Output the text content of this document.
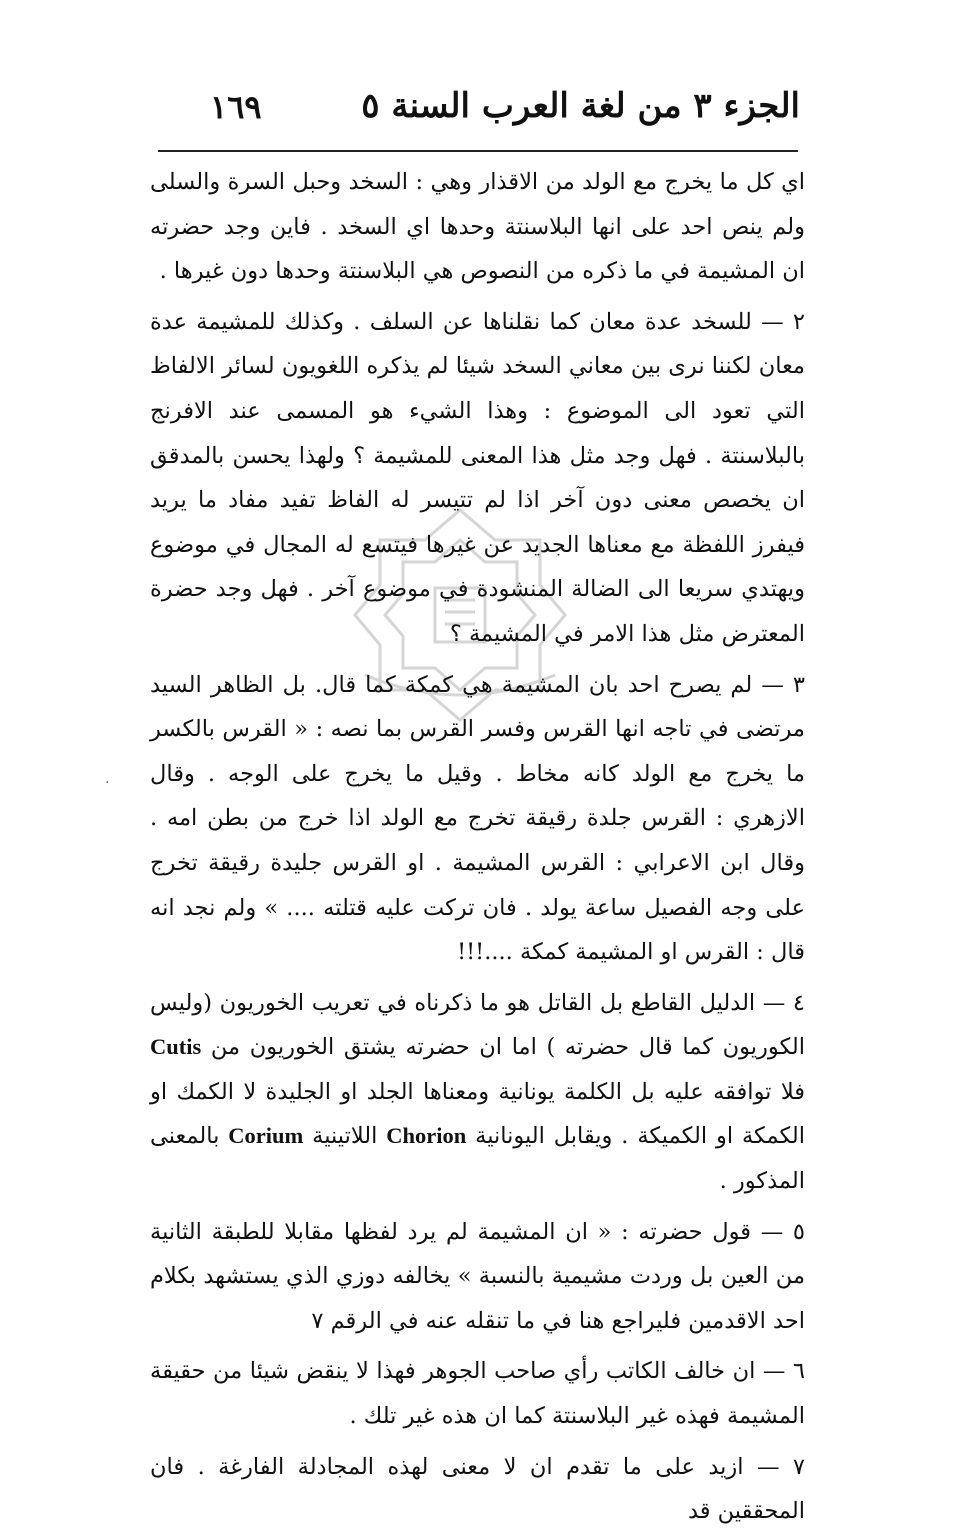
الجزء ٣ من لغة العرب السنة ٥
١٦٩

اي كل ما يخرج مع الولد من الاقذار وهي : السخد وحبل السرة والسلى ولم ينص احد على انها البلاسنتة وحدها اي السخد . فاين وجد حضرته ان المشيمة في ما ذكره من النصوص هي البلاسنتة وحدها دون غيرها .

٢ — للسخد عدة معان كما نقلناها عن السلف . وكذلك للمشيمة عدة معان لكننا نرى بين معاني السخد شيئا لم يذكره اللغويون لسائر الالفاظ التي تعود الى الموضوع : وهذا الشيء هو المسمى عند الافرنج بالبلاسنتة . فهل وجد مثل هذا المعنى للمشيمة ؟ ولهذا يحسن بالمدقق ان يخصص معنى دون آخر اذا لم تتيسر له الفاظ تفيد مفاد ما يريد فيفرز اللفظة مع معناها الجديد عن غيرها فيتسع له المجال في موضوع ويهتدي سريعا الى الضالة المنشودة في موضوع آخر . فهل وجد حضرة المعترض مثل هذا الامر في المشيمة ؟

٣ — لم يصرح احد بان المشيمة هي كمكة كما قال. بل الظاهر السيد مرتضى في تاجه انها القرس وفسر القرس بما نصه : « القرس بالكسر ما يخرج مع الولد كانه مخاط . وقيل ما يخرج على الوجه . وقال الازهري : القرس جلدة رقيقة تخرج مع الولد اذا خرج من بطن امه . وقال ابن الاعرابي : القرس المشيمة . او القرس جليدة رقيقة تخرج على وجه الفصيل ساعة يولد . فان تركت عليه قتلته .... » ولم نجد انه قال : القرس او المشيمة كمكة ....!!!

٤ — الدليل القاطع بل القاتل هو ما ذكرناه في تعريب الخوريون (وليس الكوريون كما قال حضرته ) اما ان حضرته يشتق الخوريون من Cutis فلا توافقه عليه بل الكلمة يونانية ومعناها الجلد او الجليدة لا الكمك او الكمكة او الكميكة . ويقابل اليونانية Chorion اللاتينية Corium بالمعنى المذكور .

٥ — قول حضرته : « ان المشيمة لم يرد لفظها مقابلا للطبقة الثانية من العين بل وردت مشيمية بالنسبة » يخالفه دوزي الذي يستشهد بكلام احد الاقدمين فليراجع هنا في ما تنقله عنه في الرقم ٧

٦ — ان خالف الكاتب رأي صاحب الجوهر فهذا لا ينقض شيئا من حقيقة المشيمة فهذه غير البلاسنتة كما ان هذه غير تلك .

٧ — ازيد على ما تقدم ان لا معنى لهذه المجادلة الفارغة . فان المحققين قد

·
